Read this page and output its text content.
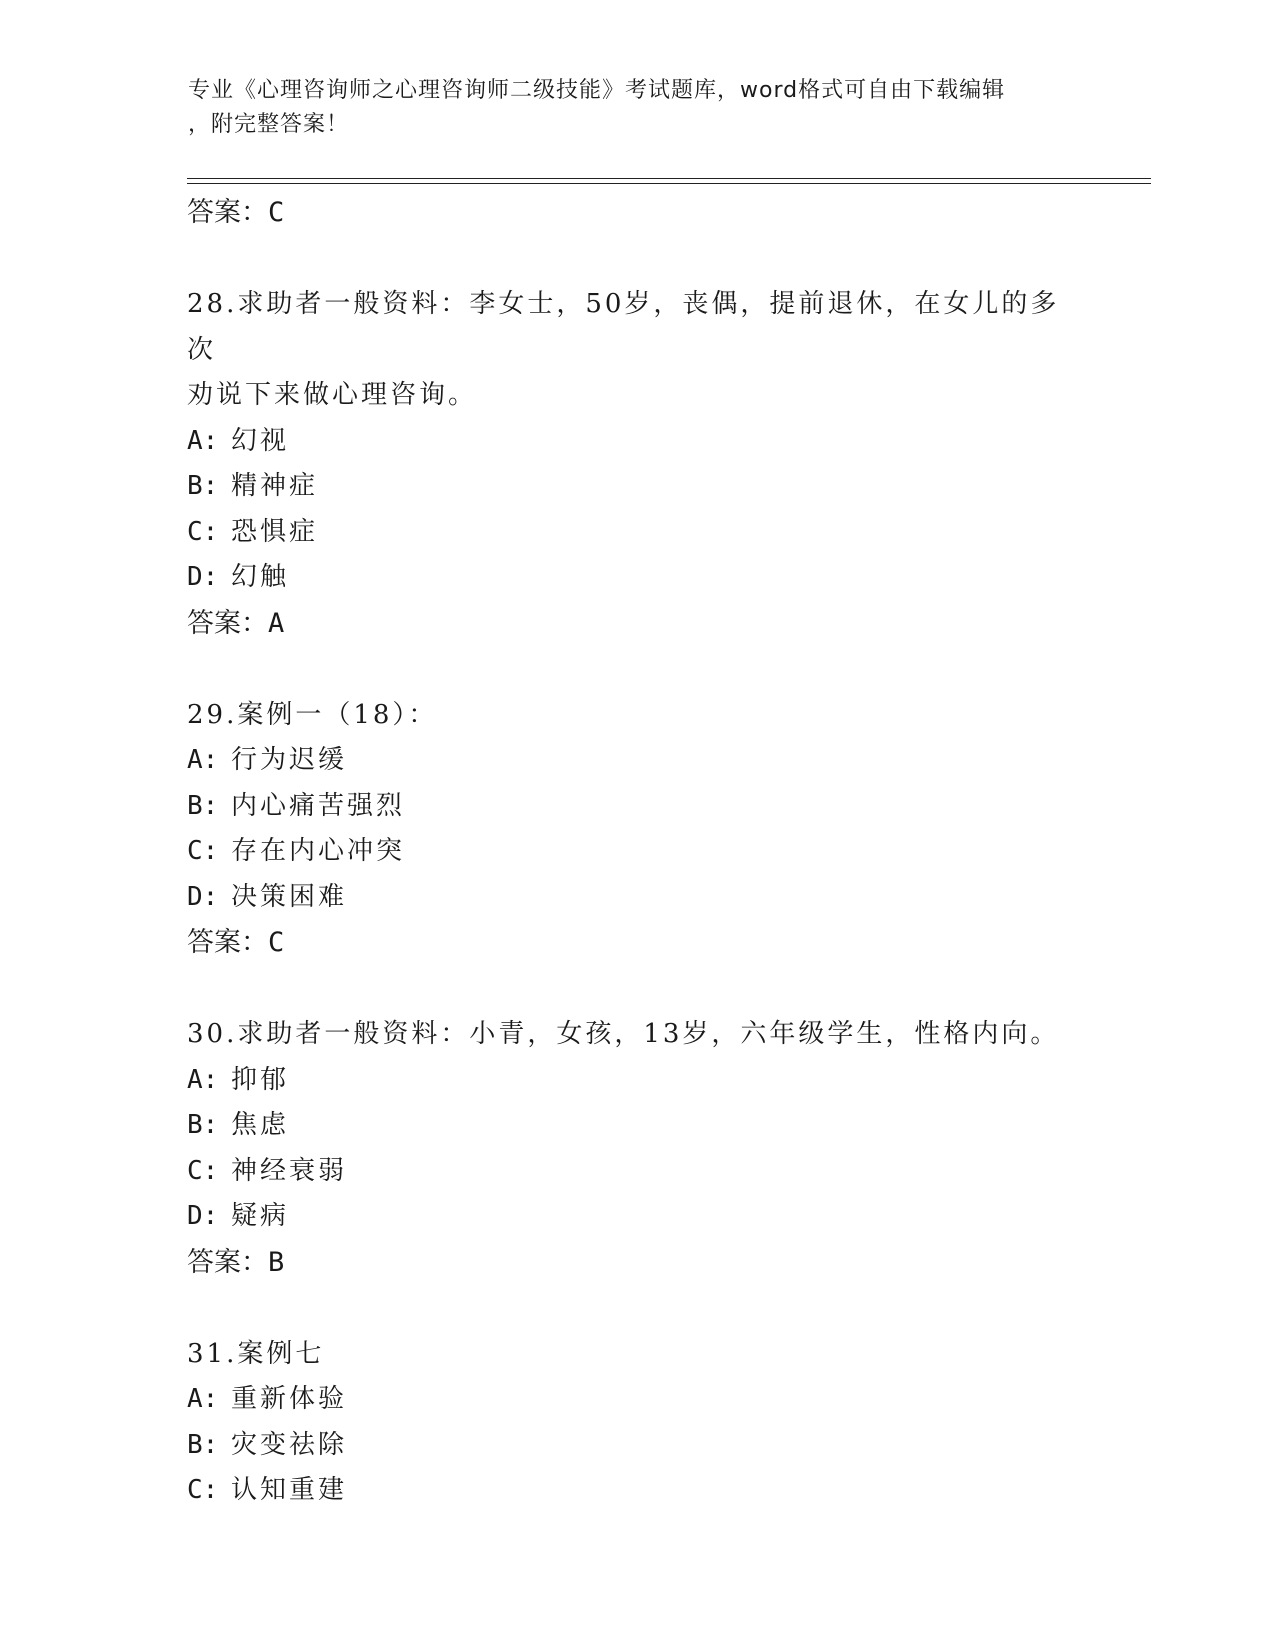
专业《心理咨询师之心理咨询师二级技能》考试题库，word格式可自由下载编辑
，附完整答案！
答案：C
28.求助者一般资料：李女士，50岁，丧偶，提前退休，在女儿的多次
劝说下来做心理咨询。
A: 幻视
B: 精神症
C: 恐惧症
D: 幻触
答案：A
29.案例一（18）：
A: 行为迟缓
B: 内心痛苦强烈
C: 存在内心冲突
D: 决策困难
答案：C
30.求助者一般资料：小青，女孩，13岁，六年级学生，性格内向。
A: 抑郁
B: 焦虑
C: 神经衰弱
D: 疑病
答案：B
31.案例七
A: 重新体验
B: 灾变祛除
C: 认知重建
